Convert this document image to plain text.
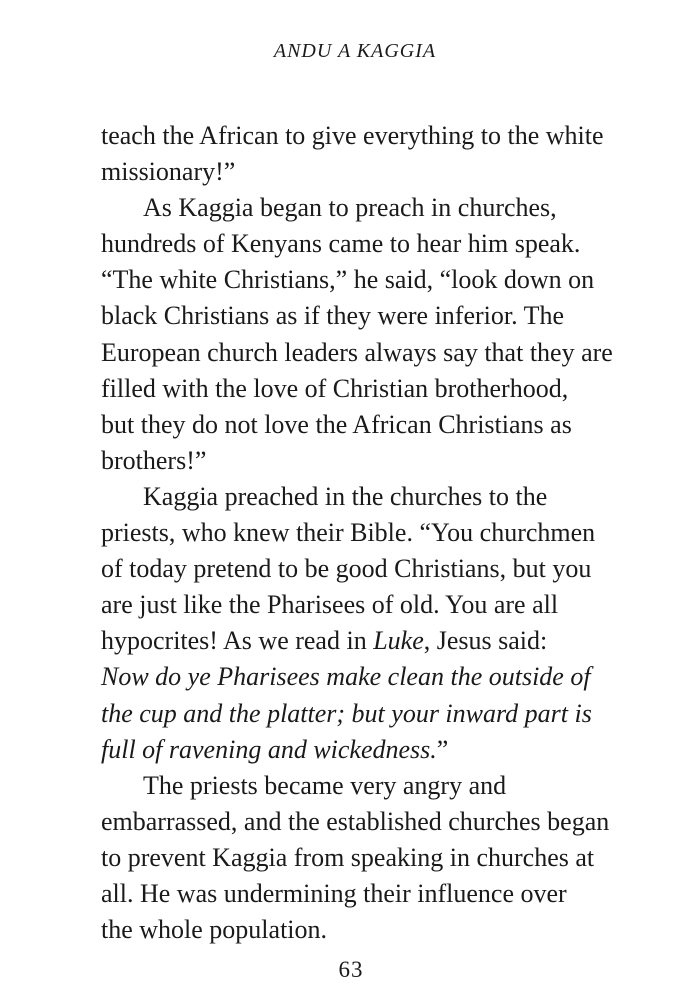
ANDU A KAGGIA
teach the African to give everything to the white
missionary!”
As Kaggia began to preach in churches,
hundreds of Kenyans came to hear him speak.
“The white Christians,” he said, “look down on
black Christians as if they were inferior. The
European church leaders always say that they are
filled with the love of Christian brotherhood,
but they do not love the African Christians as
brothers!”
Kaggia preached in the churches to the
priests, who knew their Bible. “You churchmen
of today pretend to be good Christians, but you
are just like the Pharisees of old. You are all
hypocrites! As we read in Luke, Jesus said:
Now do ye Pharisees make clean the outside of
the cup and the platter; but your inward part is
full of ravening and wickedness.”
The priests became very angry and
embarrassed, and the established churches began
to prevent Kaggia from speaking in churches at
all. He was undermining their influence over
the whole population.
63
